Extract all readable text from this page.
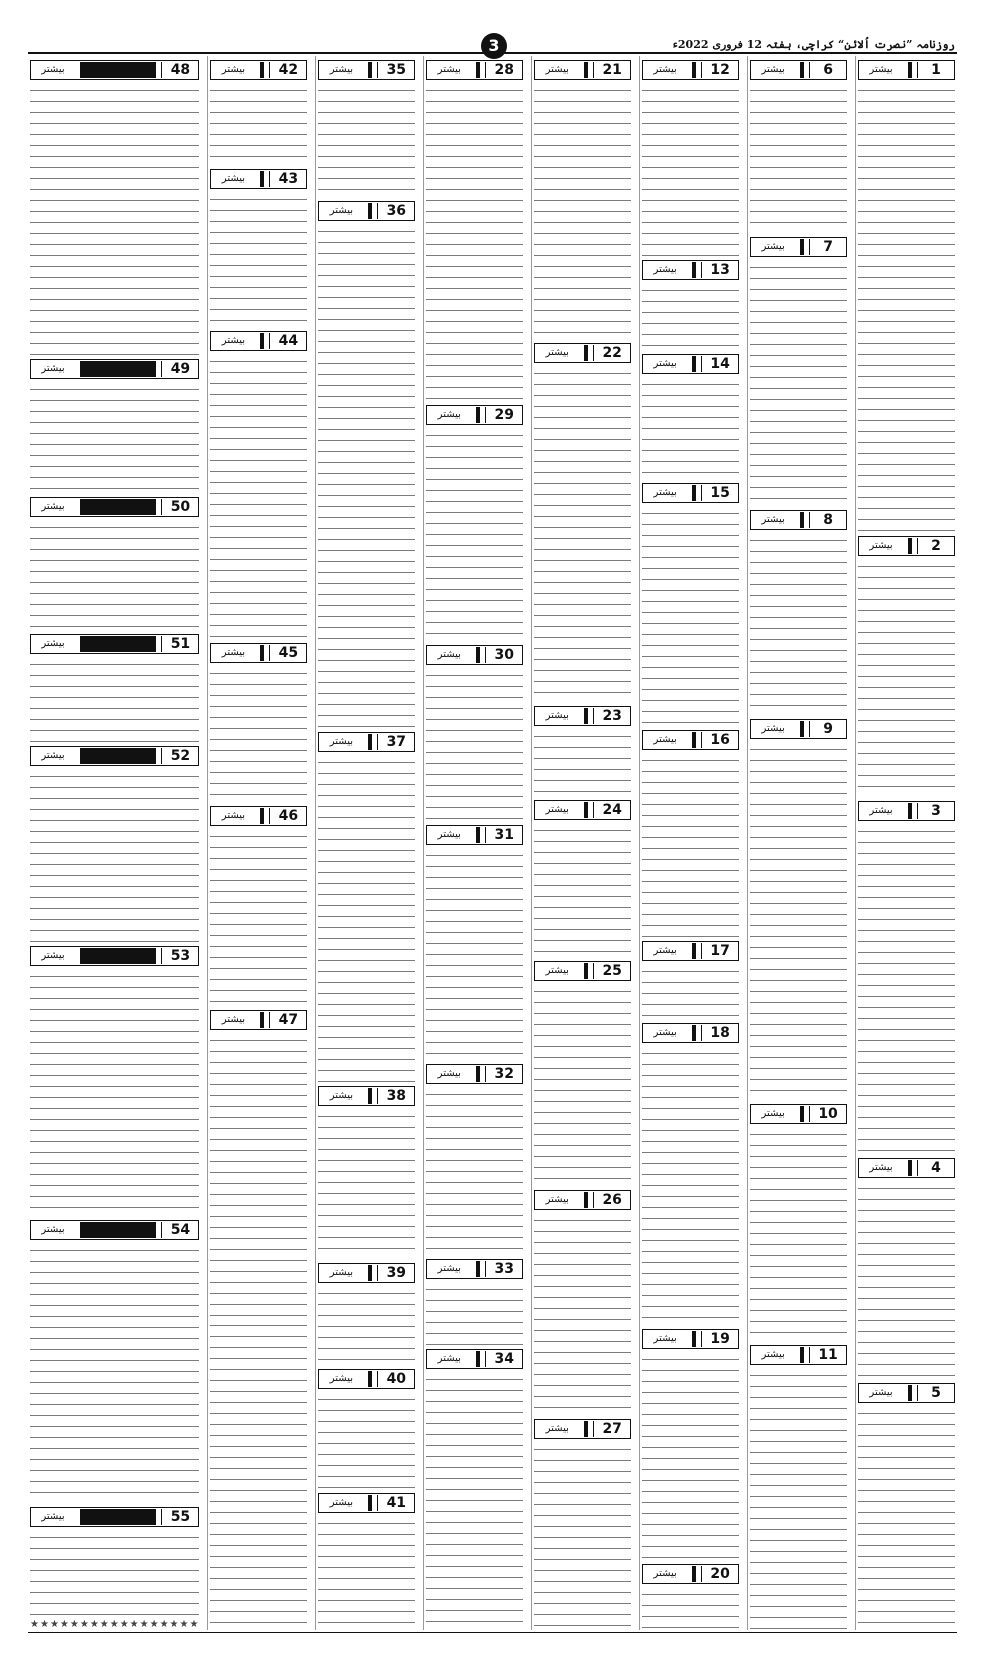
3	روزنامہ ”نصرت اُلائن“ کراچی، ہفتہ 12 فروری 2022ء
1
بیشتر
2
بیشتر
3
بیشتر
4
بیشتر
5
بیشتر
6
بیشتر
7
بیشتر
8
بیشتر
9
بیشتر
10
بیشتر
11
بیشتر
12
بیشتر
13
بیشتر
14
بیشتر
15
بیشتر
16
بیشتر
17
بیشتر
18
بیشتر
19
بیشتر
20
بیشتر
21
بیشتر
22
بیشتر
23
بیشتر
24
بیشتر
25
بیشتر
26
بیشتر
27
بیشتر
28
بیشتر
29
بیشتر
30
بیشتر
31
بیشتر
32
بیشتر
33
بیشتر
34
بیشتر
35
بیشتر
36
بیشتر
37
بیشتر
38
بیشتر
39
بیشتر
40
بیشتر
41
بیشتر
42
بیشتر
43
بیشتر
44
بیشتر
45
بیشتر
46
بیشتر
47
بیشتر
48
بیشتر
49
بیشتر
50
بیشتر
51
بیشتر
52
بیشتر
53
بیشتر
54
بیشتر
55
بیشتر
★★★★★★★★★★★★★★★★★
